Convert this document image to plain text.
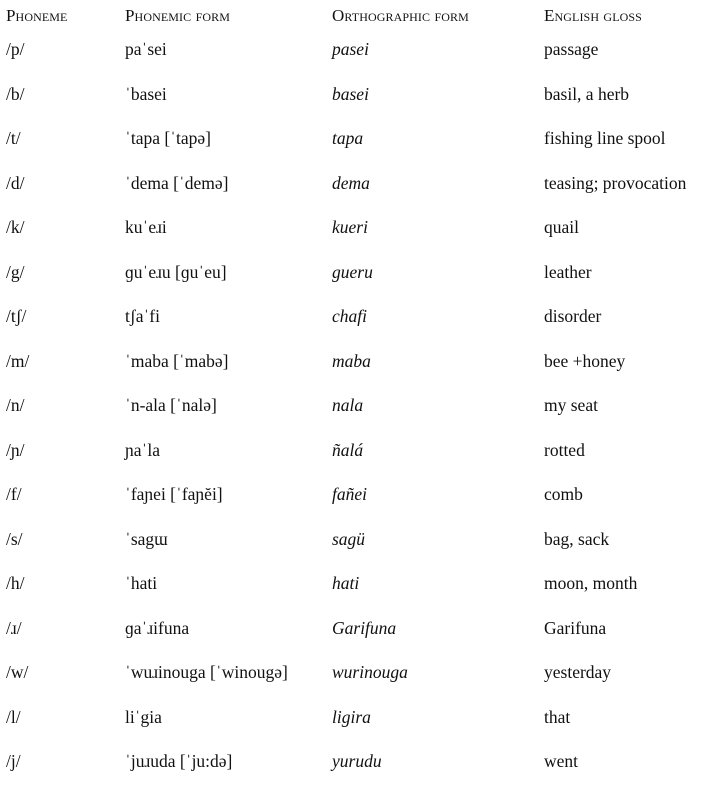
Phoneme	Phonemic form	Orthographic form	English gloss
/p/	paˈsei	pasei	passage
/b/	ˈbasei	basei	basil, a herb
/t/	ˈtapa [ˈtapə]	tapa	fishing line spool
/d/	ˈdema [ˈdemə]	dema	teasing; provocation
/k/	kuˈeɹi	kueri	quail
/g/	ɡuˈeɹu [ɡuˈeu]	gueru	leather
/tʃ/	tʃaˈfi	chafi	disorder
/m/	ˈmaba [ˈmabə]	maba	bee +honey
/n/	ˈn-ala [ˈnalə]	nala	my seat
/ɲ/	ɲaˈla	ñalá	rotted
/f/	ˈfaɲei [ˈfaɲĕi]	fañei	comb
/s/	ˈsagɯ	sagü	bag, sack
/h/	ˈhati	hati	moon, month
/ɹ/	ɡaˈɹifuna	Garifuna	Garifuna
/w/	ˈwuɹinouga [ˈwinougə]	wurinouga	yesterday
/l/	liˈgia	ligira	that
/j/	ˈjuɹuda [ˈju:də]	yurudu	went
